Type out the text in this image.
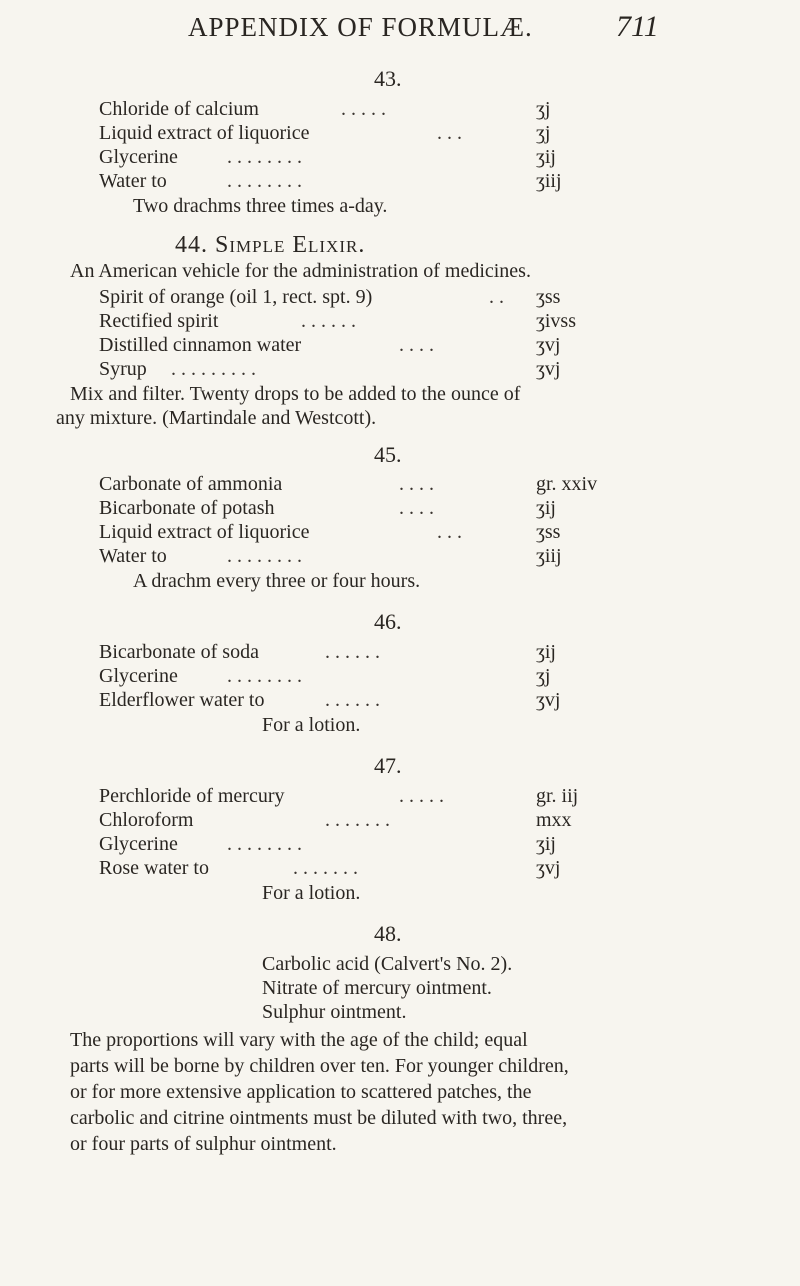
APPENDIX OF FORMULÆ.	711
43.
Chloride of calcium	. . . . .	ʒj
Liquid extract of liquorice	. . .	ʒj
Glycerine . . . . . . . .	ʒij
Water to	. . . . . . . .	ʒiij
Two drachms three times a-day.
44. Simple Elixir.
An American vehicle for the administration of medicines.
Spirit of orange (oil 1, rect. spt. 9)	. . ʒss
Rectified spirit	. . . . . .	ʒivss
Distilled cinnamon water	. . . .	ʒvj
Syrup . . . . . . . . .	ʒvj
Mix and filter. Twenty drops to be added to the ounce of
any mixture. (Martindale and Westcott).
45.
Carbonate of ammonia	. . . .	gr. xxiv
Bicarbonate of potash	. . . .	ʒij
Liquid extract of liquorice	. . .	ʒss
Water to	. . . . . . . .	ʒiij
A drachm every three or four hours.
46.
Bicarbonate of soda	. . . . . .	ʒij
Glycerine . . . . . . . .	ʒj
Elderflower water to	. . . . . .	ʒvj
For a lotion.
47.
Perchloride of mercury	. . . . .	gr. iij
Chloroform	. . . . . . .	mxx
Glycerine . . . . . . . .	ʒij
Rose water to	. . . . . . .	ʒvj
For a lotion.
48.
Carbolic acid (Calvert's No. 2).
Nitrate of mercury ointment.
Sulphur ointment.
The proportions will vary with the age of the child; equal
parts will be borne by children over ten. For younger children,
or for more extensive application to scattered patches, the
carbolic and citrine ointments must be diluted with two, three,
or four parts of sulphur ointment.
